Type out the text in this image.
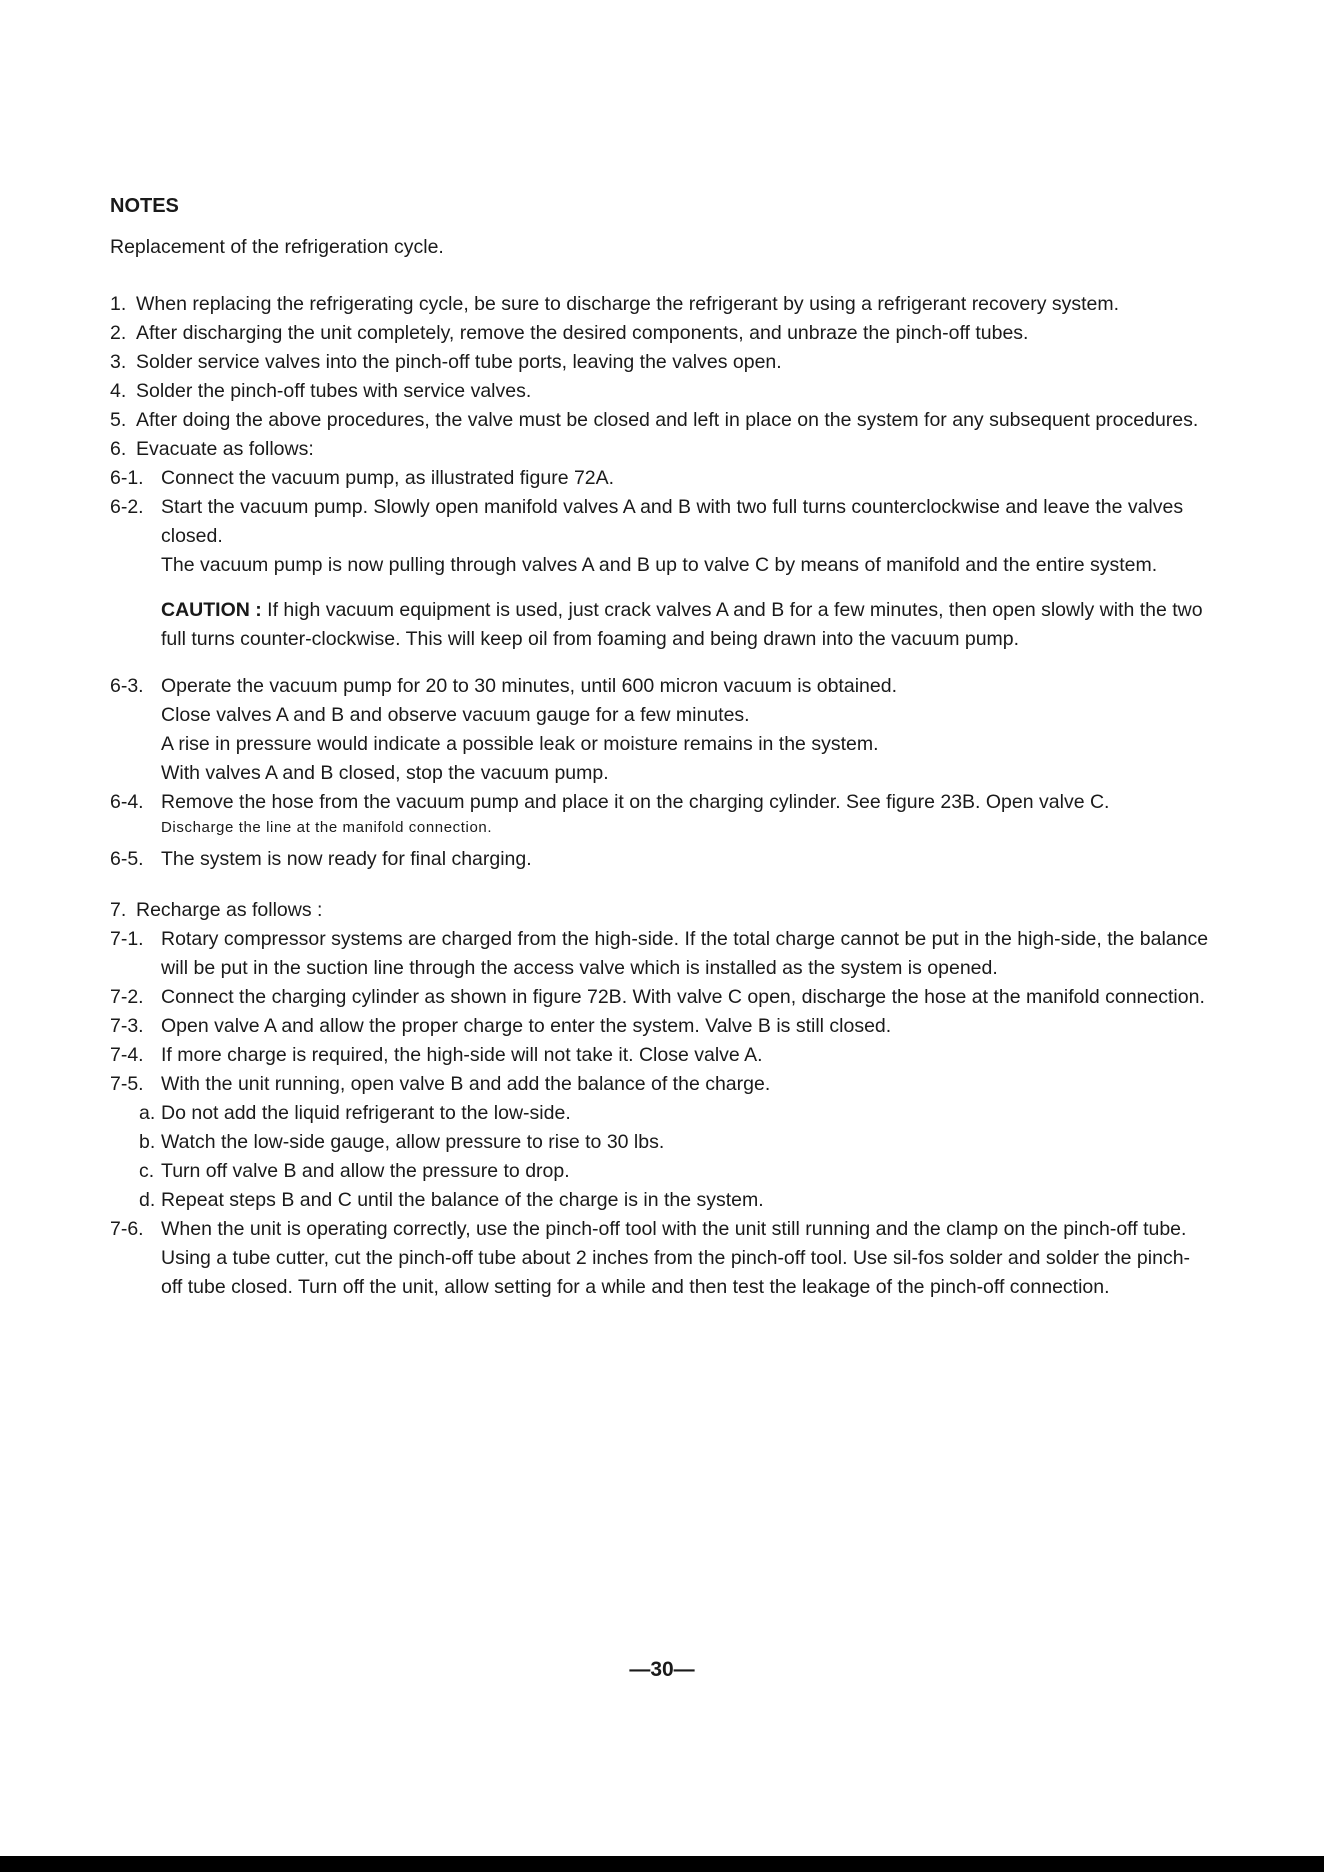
NOTES
Replacement of the refrigeration cycle.
1. When replacing the refrigerating cycle, be sure to discharge the refrigerant by using a refrigerant recovery system.
2. After discharging the unit completely, remove the desired components, and unbraze the pinch-off tubes.
3. Solder service valves into the pinch-off tube ports, leaving the valves open.
4. Solder the pinch-off tubes with service valves.
5. After doing the above procedures, the valve must be closed and left in place on the system for any subsequent procedures.
6. Evacuate as follows:
6-1. Connect the vacuum pump, as illustrated figure 72A.
6-2. Start the vacuum pump. Slowly open manifold valves A and B with two full turns counterclockwise and leave the valves closed.
The vacuum pump is now pulling through valves A and B up to valve C by means of manifold and the entire system.
CAUTION : If high vacuum equipment is used, just crack valves A and B for a few minutes, then open slowly with the two full turns counter-clockwise. This will keep oil from foaming and being drawn into the vacuum pump.
6-3. Operate the vacuum pump for 20 to 30 minutes, until 600 micron vacuum is obtained.
Close valves A and B and observe vacuum gauge for a few minutes.
A rise in pressure would indicate a possible leak or moisture remains in the system.
With valves A and B closed, stop the vacuum pump.
6-4. Remove the hose from the vacuum pump and place it on the charging cylinder. See figure 23B. Open valve C.
Discharge the line at the manifold connection.
6-5. The system is now ready for final charging.
7. Recharge as follows :
7-1. Rotary compressor systems are charged from the high-side. If the total charge cannot be put in the high-side, the balance will be put in the suction line through the access valve which is installed as the system is opened.
7-2. Connect the charging cylinder as shown in figure 72B. With valve C open, discharge the hose at the manifold connection.
7-3. Open valve A and allow the proper charge to enter the system. Valve B is still closed.
7-4. If more charge is required, the high-side will not take it. Close valve A.
7-5. With the unit running, open valve B and add the balance of the charge.
a. Do not add the liquid refrigerant to the low-side.
b. Watch the low-side gauge, allow pressure to rise to 30 lbs.
c. Turn off valve B and allow the pressure to drop.
d. Repeat steps B and C until the balance of the charge is in the system.
7-6. When the unit is operating correctly, use the pinch-off tool with the unit still running and the clamp on the pinch-off tube. Using a tube cutter, cut the pinch-off tube about 2 inches from the pinch-off tool. Use sil-fos solder and solder the pinch-off tube closed. Turn off the unit, allow setting for a while and then test the leakage of the pinch-off connection.
—30—
